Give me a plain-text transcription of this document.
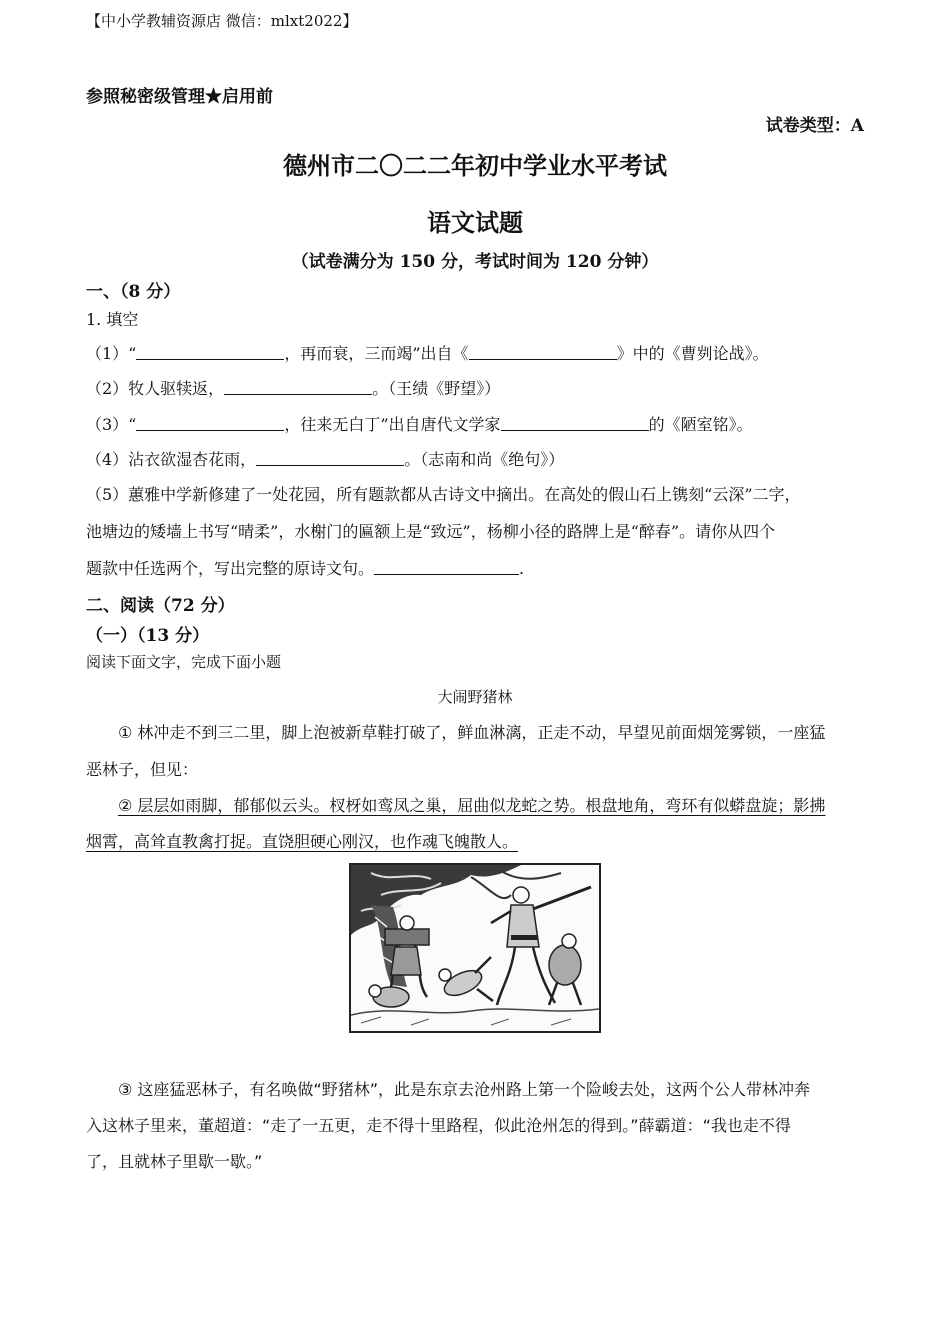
【中小学教辅资源店 微信：mlxt2022】
参照秘密级管理★启用前
试卷类型：A
德州市二〇二二年初中学业水平考试
语文试题
（试卷满分为 150 分，考试时间为 120 分钟）
一、（8 分）
1. 填空
（1）“	，再而衰，三而竭”出自《	》中的《曹刿论战》。
（2）牧人驱犊返，	。（王绩《野望》）
（3）“	，往来无白丁”出自唐代文学家	的《陋室铭》。
（4）沾衣欲湿杏花雨，	。（志南和尚《绝句》）
（5）蕙雅中学新修建了一处花园，所有题款都从古诗文中摘出。在高处的假山石上镌刻“云深”二字，
池塘边的矮墙上书写“晴柔”，水榭门的匾额上是“致远”，杨柳小径的路牌上是“醉春”。请你从四个
题款中任选两个，写出完整的原诗文句。	.
二、阅读（72 分）
（一）（13 分）
阅读下面文字，完成下面小题
大闹野猪林
① 林冲走不到三二里，脚上泡被新草鞋打破了，鲜血淋漓，正走不动，早望见前面烟笼雾锁，一座猛
恶林子，但见：
② 层层如雨脚，郁郁似云头。杈枒如鸾凤之巢，屈曲似龙蛇之势。根盘地角，弯环有似蟒盘旋；影拂
烟霄，高耸直教禽打捉。直饶胆硬心刚汉，也作魂飞魄散人。
③ 这座猛恶林子，有名唤做“野猪林”，此是东京去沧州路上第一个险峻去处，这两个公人带林冲奔
入这林子里来，董超道：“走了一五更，走不得十里路程，似此沧州怎的得到。”薛霸道：“我也走不得
了，且就林子里歇一歇。”
